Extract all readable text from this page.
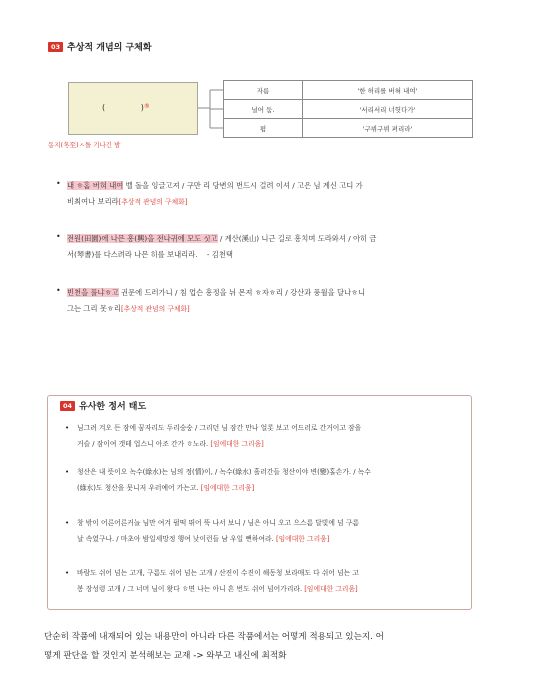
03 추상적 개념의 구체화
(              )®
자름	'한 허리를 버혀 내여'
널어 둠.	'서리서리 너헛다가'
폄	'구뷔구뷔 펴리라'
동지(冬至)ㅅ돌 기나긴 밤
• 내 ㅎ홈 버혀 내여 벨 돌을 잉글고져 / 구만 리 당변의 번드시 걸려 이셔 / 고은 님 계신 고디 가
비최여나 보리라[추상적 관념의 구체화]
• 전원(田園)에 나믄 흥(興)을 전나귀에 모도 싯고 / 계산(溪山) 니근 길로 흥치며 도라와셔 / 아히 금
서(琴書)를 다스려라 나믄 히를 보내리라.    - 김천택
• 빈천을 풀냐ㅎ고 권문에 드러가니 / 침 업슨 흥정을 뉘 몬져 ㅎ자ㅎ리 / 강산과 풍월을 달나ㅎ니
그는 그리 못ㅎ리[추상적 관념의 구체화]
04 유사한 정서 태도
• 님그려 겨오 든 잠에 꿈자리도 두리숭숭 / 그리던 님 잠간 만나 얼롯 보고 어드러로 간거이고 잠을
거슬 / 잠이여 갯테 업스니 아조 간가 ㅎ노라. [임에대한 그리움]
• 청산은 내 뜻이오 녹수(綠水)는 님의 정(情)이, / 녹수(綠水) 흘러간들 청산이야 변(變)홀손가. / 녹수
(綠水)도 청산을 못니저 우러예어 가는고. [임에대한 그리움]
• 창 밖이 어른어른커늘 님만 여겨 펄떡 뛰어 뚝 나서 보니 / 님은 아니 오고 으스름 달빛에 넘 구름
날 속였구나. / 마초아 밤일세망정 행여 낮이런들 남 우일 뻔하여라. [임에대한 그리움]
• 바람도 쉬어 넘는 고개, 구름도 쉬어 넘는 고개 / 산진이 수진이 해동청 보라매도 다 쉬어 넘는 고
봉 장성령 고개 / 그 너머 님이 왓다 ㅎ면 나는 아니 흔 번도 쉬어 넘어가리라. [임에대한 그리움]
단순히 작품에 내재되어 있는 내용만이 아니라 다른 작품에서는 어떻게 적용되고 있는지. 어
떻게 판단을 할 것인지 분석해보는 교재 -> 와부고 내신에 최적화
